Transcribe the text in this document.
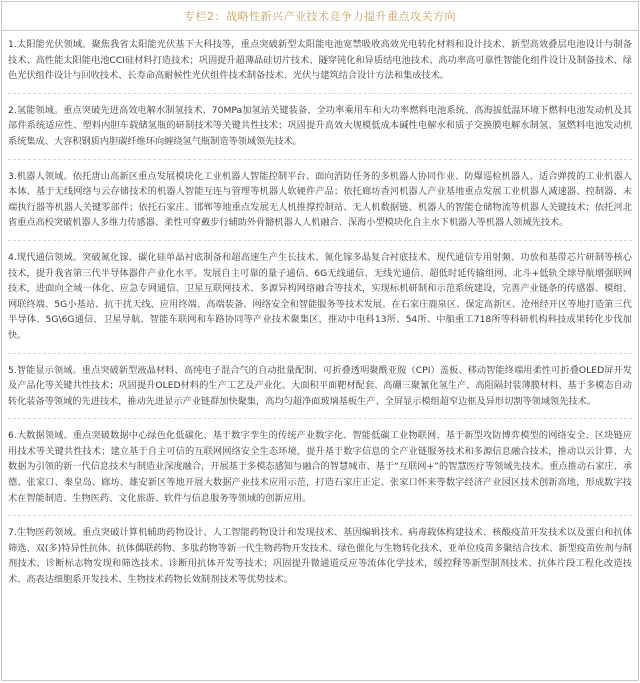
专栏2：战略性新兴产业技术竞争力提升重点攻关方向

1.太阳能光伏领域。聚焦我省太阳能光伏基下大科技等，重点突破新型太阳能电池宽禁吸收高效光电转化材料和设计技术、新型高效叠层电池设计与制备技术、高性能太阳能电池CCI硅材料打造技术；巩固提升超薄晶硅切片技术、隧穿钝化和异质结电池技术、高功率高可靠性智能化组件设计及制备技术、绿色光伏组件设计与回收技术、长寿命高耐候性光伏组件技术制备技术、光伏与建筑结合设计方法和集成技术。

2.氢能领域。重点突破先进高效电解水制氢技术、70MPa加氢站关键装备、全功率乘用车和大功率燃料电池系统、高海拔低温环境下燃料电池发动机及其部件系统适应性、塑料内胆车载储氢瓶的研制技术等关键共性技术；巩固提升高效大规模低成本碱性电解水和质子交换膜电解水制氢、氢燃料电池发动机系统集成、大容积钢质内胆碳纤维环向缠绕氢气瓶制造等领域领先技术。

3.机器人领域。依托唐山高新区重点发展模块化工业机器人智能控制平台、面向消防任务的多机器人协同作业、防爆巡检机器人、适合弹拨的工业机器人本体、基于无线网络与云存储技术的机器人智能互连与管理等机器人软硬件产品；依托廊坊香河机器人产业基地重点发展工业机器人减速器、控制器、末端执行器等机器人关键零部件；依托石家庄、邯郸等地重点发展无人机推撑控制站、无人机数据链、机器人的智能仓储物流等机器人关键技术；依托河北省重点高校突破机器人多维力传感器、柔性可穿戴步行辅助外骨骼机器人人机融合、深海小型模块化自主水下机器人等机器人领域先技术。

4.现代通信领域。突破氮化镓、碳化硅单晶衬底制备和超高速生产生长技术、氮化镓多晶复合衬底技术、现代通信专用射频、功放和基带芯片研制等核心技术，提升我省第三代半导体器件产业化水平。发展自主可靠的量子通信、6G无线通信、无线光通信、超低时延传输组网、北斗+低轨全球导航增强联网技术，进面向全域一体化、应急专网通信、卫星互联网技术、多源异构网络融合等技术，实现标机研制和示范系统建设，完善产业链条的传感器、模组、网联终端、5G小基站、抗干扰天线、应用终端、高端装备、网络安全和智能服务等技术发展。在石家庄鹿泉区、保定高新区、沧州经开区等地打造第三代半导体、5G\6G通信、卫星导航、智能车联网和车路协同等产业技术聚集区，推动中电科13所、54所、中船重工718所等科研机构科技成果转化步伐加快。

5.智能显示领域。重点突破新型液晶材料、高纯电子混合气的自动批量配制、可折叠透明聚酰亚胺（CPI）盖板、移动智能终端用柔性可折叠OLED屏开发及产品化等关键共性技术；巩固提升OLED材料的生产工艺及产业化、大面积平面靶材配套、高硼三聚氰化氢生产、高阻隔封装薄膜材料、基于多模态自动转化装备等领域的先进技术，推动先进显示产业链群加快聚集，高均匀超净面玻璃基板生产、全屏显示模组超窄边框及异形切割等领域领先技术。

6.大数据领域。重点突破数据中心绿色化低碳化、基于数字孪生的传统产业数字化、智能低碳工业物联网、基于新型攻防博弈模型的网络安全、区块链应用技术等关键共性技术；建立基于自主可信的互联网网络安全生态环境，提升基于数字信息的全产业链服务技术和多源信息融合技术，推动以云计算、大数据为引领的新一代信息技术与制造业深度融合，开展基于多模态感知与融合的智慧城市、基于“互联网+”的智慧医疗等领域先技术。重点推动石家庄、承德、张家口、秦皇岛、廊坊、雄安新区等地开展大数据产业技术应用示范，打造石家庄正定、张家口怀来等数字经济产业园区技术创新高地，形成数字技术在智能制造、生物医药、文化旅游、软件与信息服务等领域的创新应用。

7.生物医药领域。重点突破计算机辅助药物设计、人工智能药物设计和发现技术、基因编辑技术、病毒载体构建技术、核酸疫苗开发技术以及蛋白和抗体筛选、双(多)特异性抗体、抗体偶联药物、多肽药物等新一代生物药物开发技术、绿色催化与生物转化技术、亚单位疫苗多聚结合技术、新型疫苗佐剂与制剂技术、诊断标志物发现和筛选技术、诊断用抗体开发等技术；巩固提升微通道反应等流体化学技术，缓控释等新型制剂技术、抗体片段工程化改造技术、高表达细胞系开发技术、生物技术药物长效制剂技术等优势技术。
